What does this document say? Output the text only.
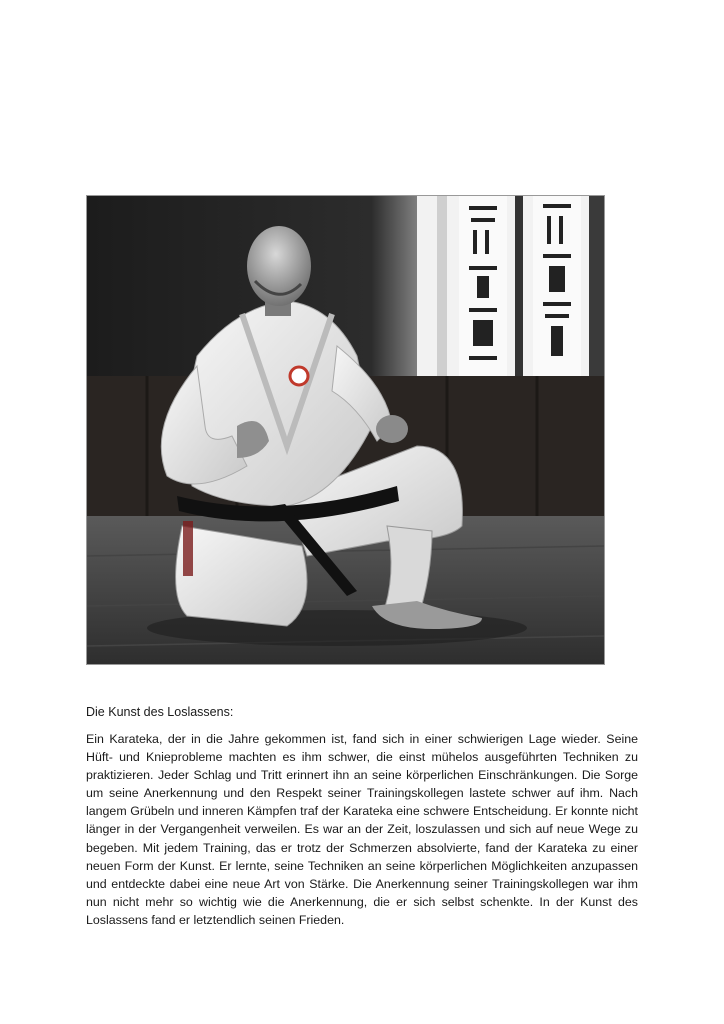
Die Kunst des Loslassens:

Ein Karateka, der in die Jahre gekommen ist, fand sich in einer schwierigen Lage wieder. Seine Hüft- und Knieprobleme machten es ihm schwer, die einst mühelos ausgeführten Techniken zu praktizieren. Jeder Schlag und Tritt erinnert ihn an seine körperlichen Einschränkungen. Die Sorge um seine Anerkennung und den Respekt seiner Trainingskollegen lastete schwer auf ihm. Nach langem Grübeln und inneren Kämpfen traf der Karateka eine schwere Entscheidung. Er konnte nicht länger in der Vergangenheit verweilen. Es war an der Zeit, loszulassen und sich auf neue Wege zu begeben. Mit jedem Training, das er trotz der Schmerzen absolvierte, fand der Karateka zu einer neuen Form der Kunst. Er lernte, seine Techniken an seine körperlichen Möglichkeiten anzupassen und entdeckte dabei eine neue Art von Stärke. Die Anerkennung seiner Trainingskollegen war ihm nun nicht mehr so wichtig wie die Anerkennung, die er sich selbst schenkte. In der Kunst des Loslassens fand er letztendlich seinen Frieden.
